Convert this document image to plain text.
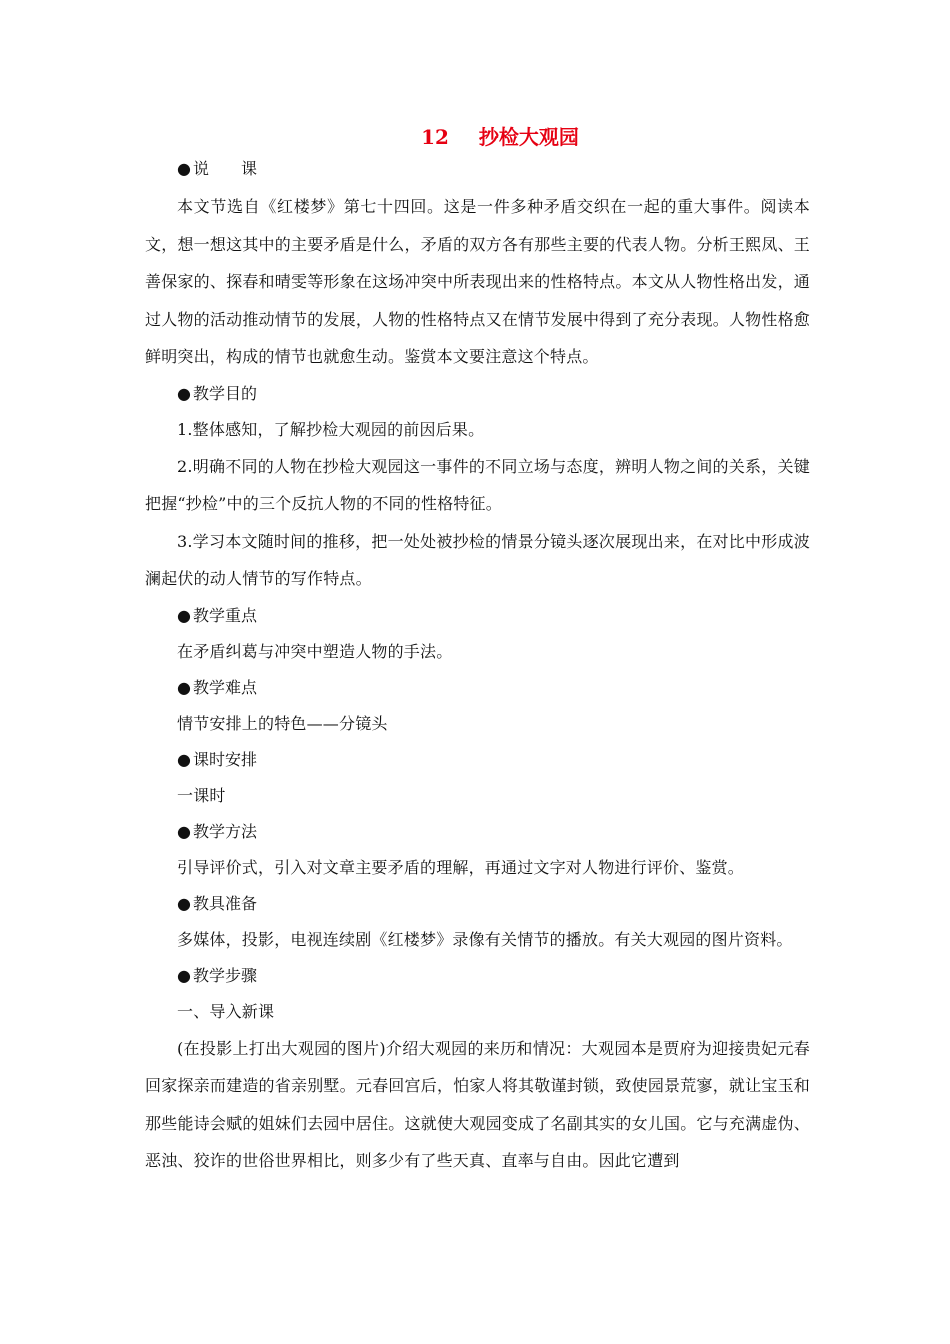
12 抄检大观园

● 说　　课

本文节选自《红楼梦》第七十四回。这是一件多种矛盾交织在一起的重大事件。阅读本文，想一想这其中的主要矛盾是什么，矛盾的双方各有那些主要的代表人物。分析王熙凤、王善保家的、探春和晴雯等形象在这场冲突中所表现出来的性格特点。本文从人物性格出发，通过人物的活动推动情节的发展，人物的性格特点又在情节发展中得到了充分表现。人物性格愈鲜明突出，构成的情节也就愈生动。鉴赏本文要注意这个特点。

● 教学目的

1.整体感知，了解抄检大观园的前因后果。

2.明确不同的人物在抄检大观园这一事件的不同立场与态度，辨明人物之间的关系，关键把握“抄检”中的三个反抗人物的不同的性格特征。

3.学习本文随时间的推移，把一处处被抄检的情景分镜头逐次展现出来，在对比中形成波澜起伏的动人情节的写作特点。

● 教学重点

在矛盾纠葛与冲突中塑造人物的手法。

● 教学难点

情节安排上的特色——分镜头

● 课时安排

一课时

● 教学方法

引导评价式，引入对文章主要矛盾的理解，再通过文字对人物进行评价、鉴赏。

● 教具准备

多媒体，投影，电视连续剧《红楼梦》录像有关情节的播放。有关大观园的图片资料。

● 教学步骤

一、导入新课

(在投影上打出大观园的图片)介绍大观园的来历和情况：大观园本是贾府为迎接贵妃元春回家探亲而建造的省亲别墅。元春回宫后，怕家人将其敬谨封锁，致使园景荒寥，就让宝玉和那些能诗会赋的姐妹们去园中居住。这就使大观园变成了名副其实的女儿国。它与充满虚伪、恶浊、狡诈的世俗世界相比，则多少有了些天真、直率与自由。因此它遭到
